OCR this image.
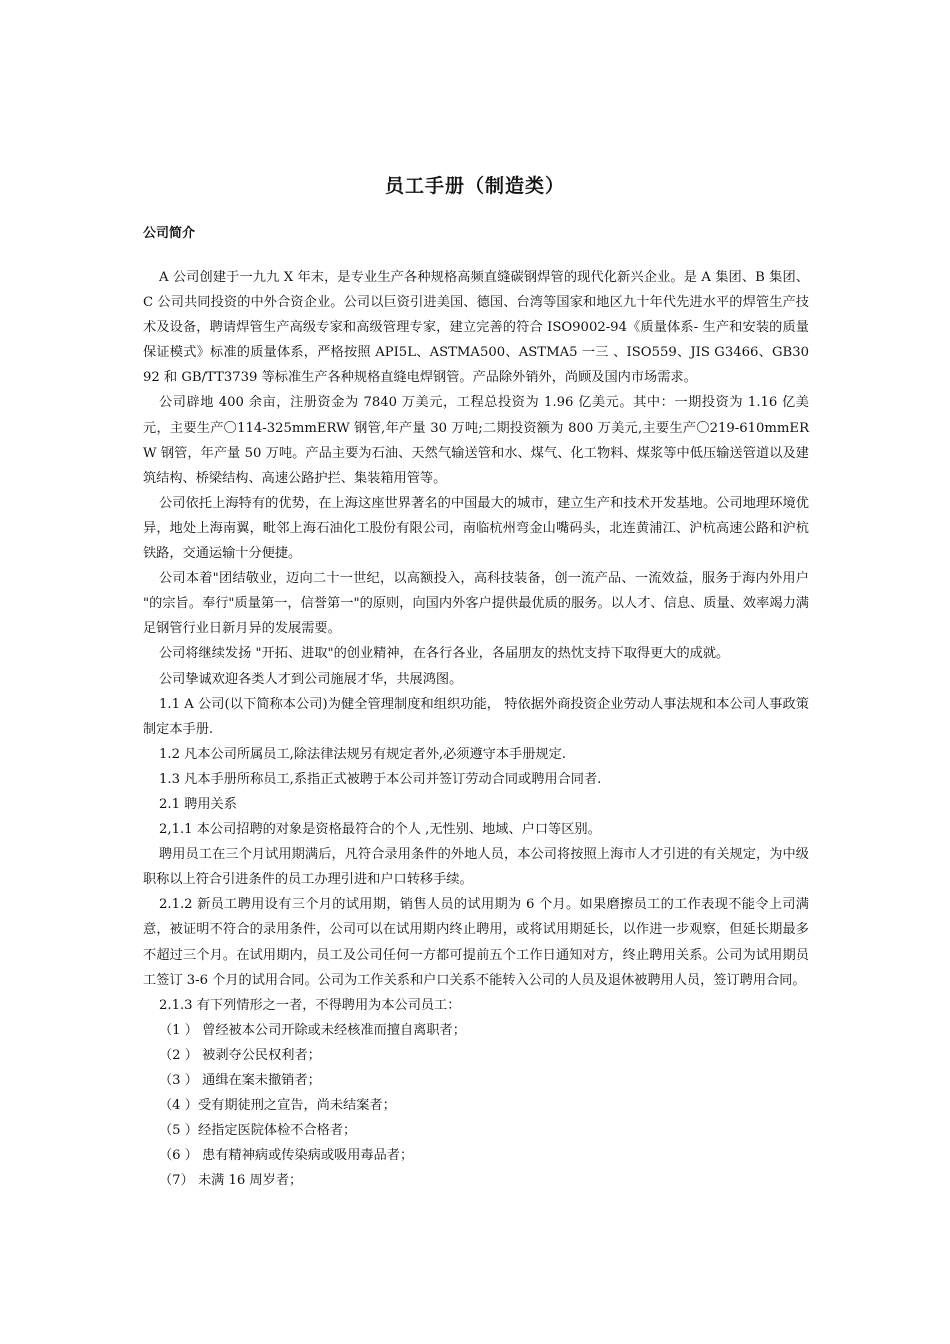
员工手册（制造类）
公司简介

A 公司创建于一九九 X 年末，是专业生产各种规格高频直缝碳钢焊管的现代化新兴企业。是 A 集团、B 集团、C 公司共同投资的中外合资企业。公司以巨资引进美国、德国、台湾等国家和地区九十年代先进水平的焊管生产技术及设备，聘请焊管生产高级专家和高级管理专家，建立完善的符合 ISO9002-94《质量体系- 生产和安装的质量保证模式》标准的质量体系，严格按照 API5L、ASTMA500、ASTMA5 一三 、ISO559、JIS G3466、GB3092 和 GB/TT3739 等标准生产各种规格直缝电焊钢管。产品除外销外，尚顾及国内市场需求。

公司辟地 400 余亩，注册资金为 7840 万美元，工程总投资为 1.96 亿美元。其中：一期投资为 1.16 亿美元，主要生产〇114-325mmERW 钢管,年产量 30 万吨;二期投资额为 800 万美元,主要生产〇219-610mmERW 钢管，年产量 50 万吨。产品主要为石油、天然气输送管和水、煤气、化工物料、煤浆等中低压输送管道以及建筑结构、桥梁结构、高速公路护拦、集装箱用管等。

公司依托上海特有的优势，在上海这座世界著名的中国最大的城市，建立生产和技术开发基地。公司地理环境优异，地处上海南翼，毗邻上海石油化工股份有限公司，南临杭州弯金山嘴码头，北连黄浦江、沪杭高速公路和沪杭铁路，交通运输十分便捷。

公司本着"团结敬业，迈向二十一世纪，以高额投入，高科技装备，创一流产品、一流效益，服务于海内外用户 "的宗旨。奉行"质量第一，信誉第一"的原则，向国内外客户提供最优质的服务。以人才、信息、质量、效率竭力满足钢管行业日新月异的发展需要。

公司将继续发扬 "开拓、进取"的创业精神，在各行各业，各届朋友的热忱支持下取得更大的成就。

公司挚诚欢迎各类人才到公司施展才华，共展鸿图。

1.1 A 公司(以下简称本公司)为健全管理制度和组织功能， 特依据外商投资企业劳动人事法规和本公司人事政策制定本手册.

1.2 凡本公司所属员工,除法律法规另有规定者外,必须遵守本手册规定.

1.3 凡本手册所称员工,系指正式被聘于本公司并签订劳动合同或聘用合同者.

2.1 聘用关系

2,1.1 本公司招聘的对象是资格最符合的个人 ,无性别、地域、户口等区别。

聘用员工在三个月试用期满后，凡符合录用条件的外地人员，本公司将按照上海市人才引进的有关规定，为中级职称以上符合引进条件的员工办理引进和户口转移手续。

2.1.2 新员工聘用设有三个月的试用期，销售人员的试用期为 6 个月。如果磨擦员工的工作表现不能令上司满意，被证明不符合的录用条件，公司可以在试用期内终止聘用，或将试用期延长，以作进一步观察，但延长期最多不超过三个月。在试用期内，员工及公司任何一方都可提前五个工作日通知对方，终止聘用关系。公司为试用期员工签订 3-6 个月的试用合同。公司为工作关系和户口关系不能转入公司的人员及退休被聘用人员，签订聘用合同。

2.1.3 有下列情形之一者，不得聘用为本公司员工：

（1 ） 曾经被本公司开除或未经核准而擅自离职者；

（2 ） 被剥夺公民权利者；

（3 ） 通缉在案未撤销者；

（4 ）受有期徒刑之宣告，尚未结案者；

（5 ）经指定医院体检不合格者；

（6 ） 患有精神病或传染病或吸用毒品者；

（7） 未满 16 周岁者；
